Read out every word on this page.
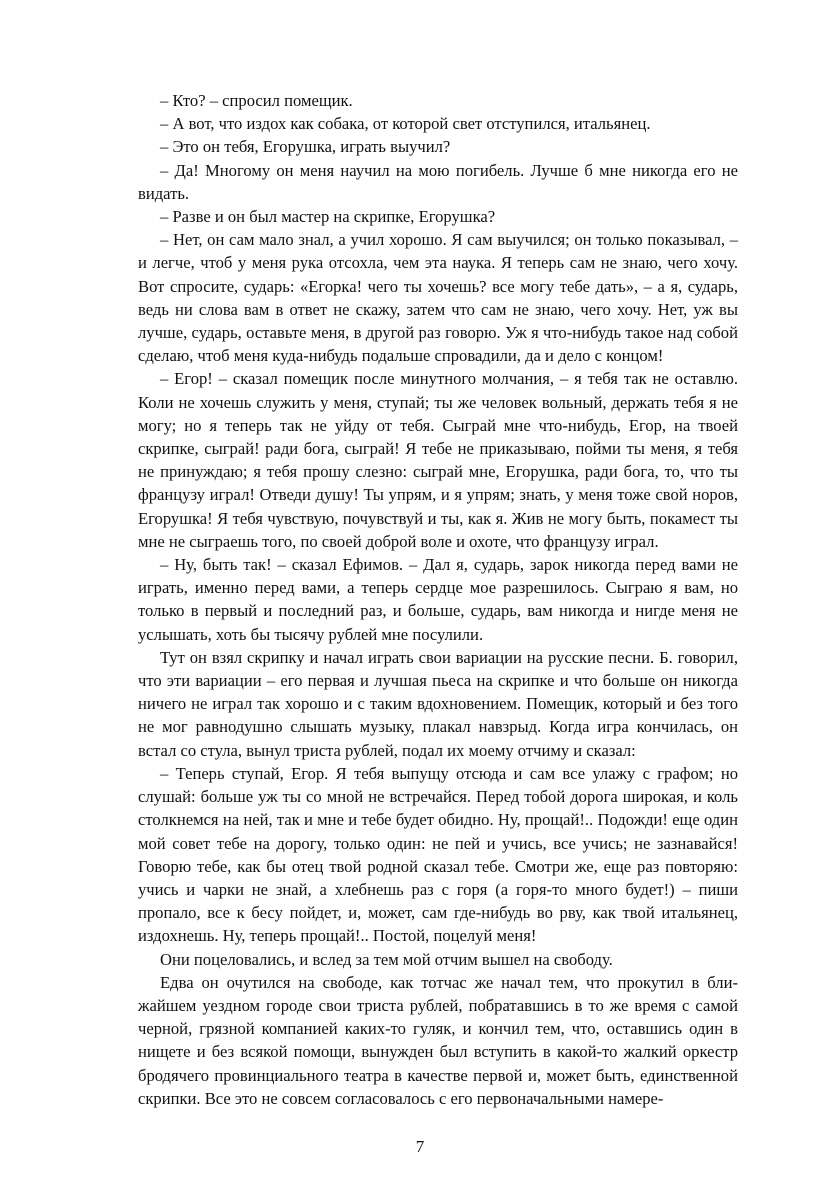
– Кто? – спросил помещик.

– А вот, что издох как собака, от которой свет отступился, итальянец.

– Это он тебя, Егорушка, играть выучил?

– Да! Многому он меня научил на мою погибель. Лучше б мне никогда его не видать.

– Разве и он был мастер на скрипке, Егорушка?

– Нет, он сам мало знал, а учил хорошо. Я сам выучился; он только показывал, – и легче, чтоб у меня рука отсохла, чем эта наука. Я теперь сам не знаю, чего хочу. Вот спросите, сударь: «Егорка! чего ты хочешь? все могу тебе дать», – а я, сударь, ведь ни слова вам в ответ не скажу, затем что сам не знаю, чего хочу. Нет, уж вы лучше, сударь, оставьте меня, в другой раз говорю. Уж я что-нибудь такое над собой сделаю, чтоб меня куда-нибудь подальше спровадили, да и дело с концом!

– Егор! – сказал помещик после минутного молчания, – я тебя так не оставлю. Коли не хочешь служить у меня, ступай; ты же человек вольный, держать тебя я не могу; но я теперь так не уйду от тебя. Сыграй мне что-нибудь, Егор, на твоей скрипке, сыграй! ради бога, сыграй! Я тебе не приказываю, пойми ты меня, я тебя не принуждаю; я тебя прошу слезно: сыграй мне, Егорушка, ради бога, то, что ты французу играл! Отведи душу! Ты упрям, и я упрям; знать, у меня тоже свой норов, Егорушка! Я тебя чувствую, почувствуй и ты, как я. Жив не могу быть, покамест ты мне не сыграешь того, по своей доброй воле и охоте, что французу играл.

– Ну, быть так! – сказал Ефимов. – Дал я, сударь, зарок никогда перед вами не играть, именно перед вами, а теперь сердце мое разрешилось. Сыграю я вам, но только в первый и последний раз, и больше, сударь, вам никогда и нигде меня не услышать, хоть бы тысячу рублей мне посулили.

Тут он взял скрипку и начал играть свои вариации на русские песни. Б. говорил, что эти вариации – его первая и лучшая пьеса на скрипке и что больше он никогда ничего не играл так хорошо и с таким вдохновением. Помещик, который и без того не мог равнодушно слышать музыку, плакал навзрыд. Когда игра кончилась, он встал со стула, вынул триста рублей, подал их моему отчиму и сказал:

– Теперь ступай, Егор. Я тебя выпущу отсюда и сам все улажу с графом; но слушай: больше уж ты со мной не встречайся. Перед тобой дорога широкая, и коль столкнемся на ней, так и мне и тебе будет обидно. Ну, прощай!.. Подожди! еще один мой совет тебе на дорогу, только один: не пей и учись, все учись; не зазнавайся! Говорю тебе, как бы отец твой родной сказал тебе. Смотри же, еще раз повторяю: учись и чарки не знай, а хлебнешь раз с горя (а горя-то много будет!) – пиши пропало, все к бесу пойдет, и, может, сам где-нибудь во рву, как твой итальянец, издохнешь. Ну, теперь прощай!.. Постой, поцелуй меня!

Они поцеловались, и вслед за тем мой отчим вышел на свободу.

Едва он очутился на свободе, как тотчас же начал тем, что прокутил в ближайшем уездном городе свои триста рублей, побратавшись в то же время с самой черной, грязной компанией каких-то гуляк, и кончил тем, что, оставшись один в нищете и без всякой помощи, вынужден был вступить в какой-то жалкий оркестр бродячего провинциального театра в качестве первой и, может быть, единственной скрипки. Все это не совсем согласовалось с его первоначальными намере-

7
